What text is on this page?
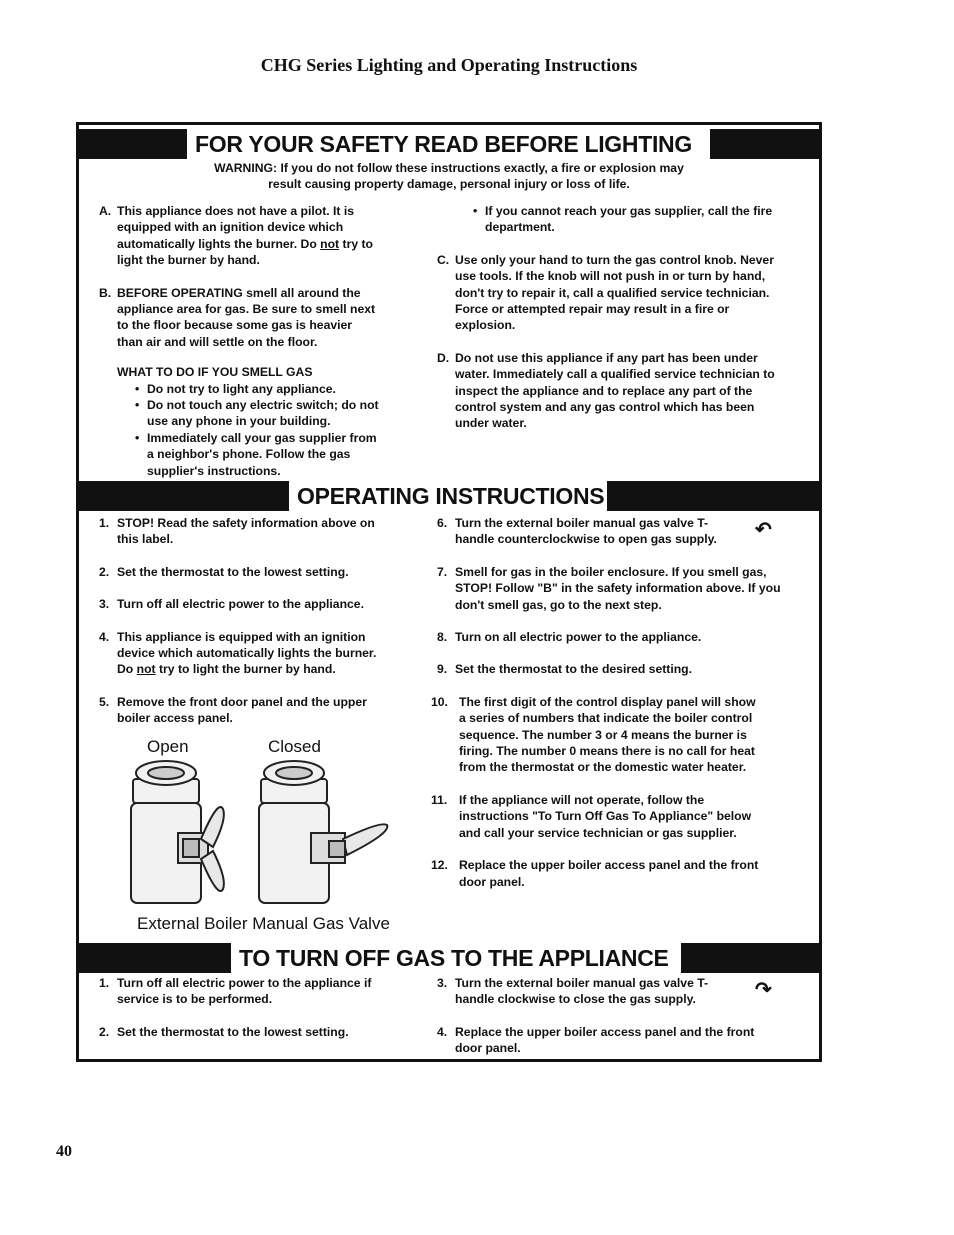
CHG Series Lighting and Operating Instructions
FOR YOUR SAFETY READ BEFORE LIGHTING
WARNING: If you do not follow these instructions exactly, a fire or explosion may
result causing property damage, personal injury or loss of life.
A. This appliance does not have a pilot. It is equipped with an ignition device which automatically lights the burner. Do not try to light the burner by hand.
B. BEFORE OPERATING smell all around the appliance area for gas. Be sure to smell next to the floor because some gas is heavier than air and will settle on the floor.
WHAT TO DO IF YOU SMELL GAS
• Do not try to light any appliance.
• Do not touch any electric switch; do not use any phone in your building.
• Immediately call your gas supplier from a neighbor's phone. Follow the gas supplier's instructions.
• If you cannot reach your gas supplier, call the fire department.
C. Use only your hand to turn the gas control knob. Never use tools. If the knob will not push in or turn by hand, don't try to repair it, call a qualified service technician. Force or attempted repair may result in a fire or explosion.
D. Do not use this appliance if any part has been under water. Immediately call a qualified service technician to inspect the appliance and to replace any part of the control system and any gas control which has been under water.
OPERATING INSTRUCTIONS
1. STOP! Read the safety information above on this label.
2. Set the thermostat to the lowest setting.
3. Turn off all electric power to the appliance.
4. This appliance is equipped with an ignition device which automatically lights the burner. Do not try to light the burner by hand.
5. Remove the front door panel and the upper boiler access panel.
Open	Closed
External Boiler Manual Gas Valve
6. Turn the external boiler manual gas valve T-handle counterclockwise to open gas supply.
7. Smell for gas in the boiler enclosure. If you smell gas, STOP! Follow "B" in the safety information above. If you don't smell gas, go to the next step.
8. Turn on all electric power to the appliance.
9. Set the thermostat to the desired setting.
10. The first digit of the control display panel will show a series of numbers that indicate the boiler control sequence. The number 3 or 4 means the burner is firing. The number 0 means there is no call for heat from the thermostat or the domestic water heater.
11. If the appliance will not operate, follow the instructions "To Turn Off Gas To Appliance" below and call your service technician or gas supplier.
12. Replace the upper boiler access panel and the front door panel.
↶
TO TURN OFF GAS TO THE APPLIANCE
1. Turn off all electric power to the appliance if service is to be performed.
2. Set the thermostat to the lowest setting.
3. Turn the external boiler manual gas valve T-handle clockwise to close the gas supply.
4. Replace the upper boiler access panel and the front door panel.
↷
40
